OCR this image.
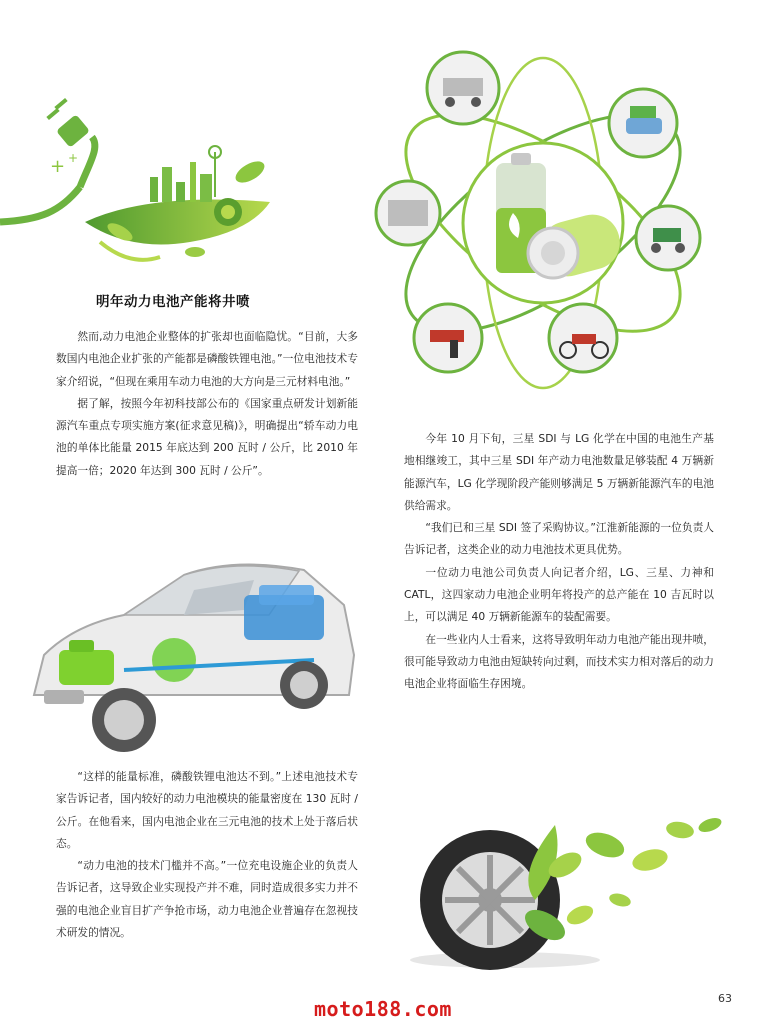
+ +
明年动力电池产能将井喷

然而,动力电池企业整体的扩张却也面临隐忧。“目前，大多数国内电池企业扩张的产能都是磷酸铁锂电池。”一位电池技术专家介绍说，“但现在乘用车动力电池的大方向是三元材料电池。”

据了解，按照今年初科技部公布的《国家重点研发计划新能源汽车重点专项实施方案(征求意见稿)》，明确提出“轿车动力电池的单体比能量 2015 年底达到 200 瓦时 / 公斤，比 2010 年提高一倍；2020 年达到 300 瓦时 / 公斤”。

“这样的能量标准，磷酸铁锂电池达不到。”上述电池技术专家告诉记者，国内较好的动力电池模块的能量密度在 130 瓦时 / 公斤。在他看来，国内电池企业在三元电池的技术上处于落后状态。

“动力电池的技术门槛并不高。”一位充电设施企业的负责人告诉记者，这导致企业实现投产并不难，同时造成很多实力并不强的电池企业盲目扩产争抢市场，动力电池企业普遍存在忽视技术研发的情况。

今年 10 月下旬，三星 SDI 与 LG 化学在中国的电池生产基地相继竣工，其中三星 SDI 年产动力电池数量足够装配 4 万辆新能源汽车，LG 化学现阶段产能则够满足 5 万辆新能源汽车的电池供给需求。

“我们已和三星 SDI 签了采购协议。”江淮新能源的一位负责人告诉记者，这类企业的动力电池技术更具优势。

一位动力电池公司负责人向记者介绍，LG、三星、力神和 CATL，这四家动力电池企业明年将投产的总产能在 10 吉瓦时以上，可以满足 40 万辆新能源车的装配需要。

在一些业内人士看来，这将导致明年动力电池产能出现井喷，很可能导致动力电池由短缺转向过剩，而技术实力相对落后的动力电池企业将面临生存困境。

moto188.com	63
